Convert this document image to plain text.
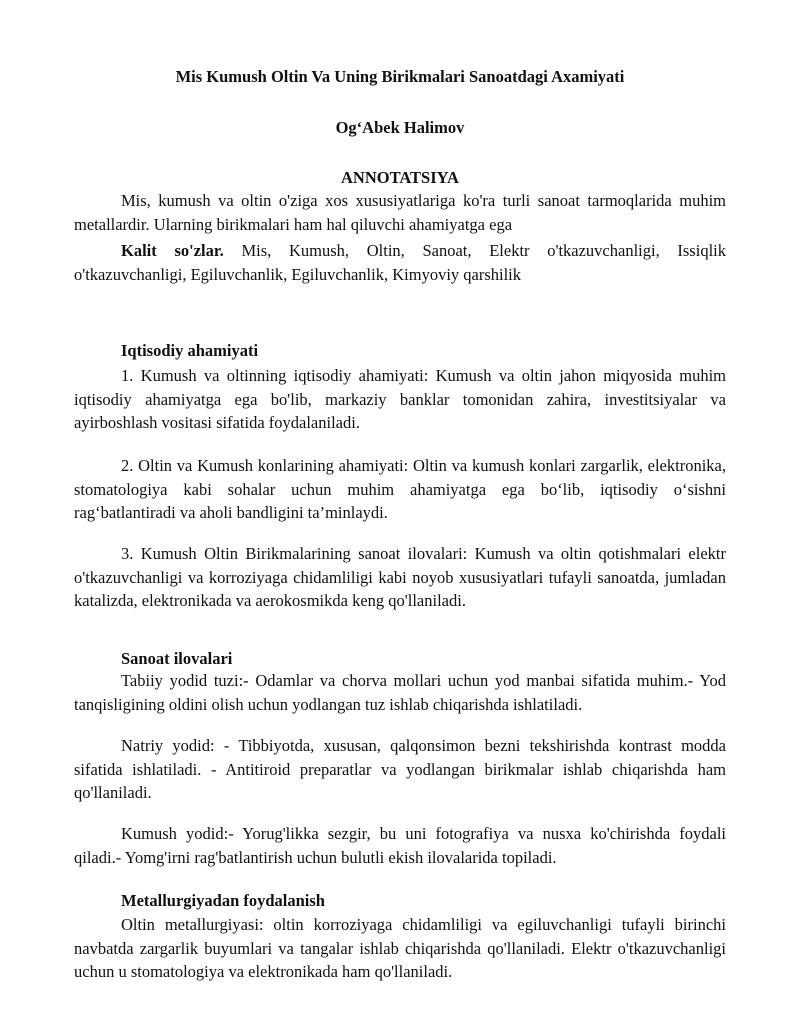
Mis Kumush Oltin Va Uning Birikmalari Sanoatdagi Axamiyati
Og‘Abek Halimov
ANNOTATSIYA

Mis, kumush va oltin o'ziga xos xususiyatlariga ko'ra turli sanoat tarmoqlarida muhim metallardir. Ularning birikmalari ham hal qiluvchi ahamiyatga ega

Kalit so'zlar. Mis, Kumush, Oltin, Sanoat, Elektr o'tkazuvchanligi, Issiqlik o'tkazuvchanligi, Egiluvchanlik, Egiluvchanlik, Kimyoviy qarshilik

Iqtisodiy ahamiyati

1. Kumush va oltinning iqtisodiy ahamiyati: Kumush va oltin jahon miqyosida muhim iqtisodiy ahamiyatga ega bo'lib, markaziy banklar tomonidan zahira, investitsiyalar va ayirboshlash vositasi sifatida foydalaniladi.

2. Oltin va Kumush konlarining ahamiyati: Oltin va kumush konlari zargarlik, elektronika, stomatologiya kabi sohalar uchun muhim ahamiyatga ega bo‘lib, iqtisodiy o‘sishni rag‘batlantiradi va aholi bandligini ta’minlaydi.

3. Kumush Oltin Birikmalarining sanoat ilovalari: Kumush va oltin qotishmalari elektr o'tkazuvchanligi va korroziyaga chidamliligi kabi noyob xususiyatlari tufayli sanoatda, jumladan katalizda, elektronikada va aerokosmikda keng qo'llaniladi.

Sanoat ilovalari

Tabiiy yodid tuzi:- Odamlar va chorva mollari uchun yod manbai sifatida muhim.- Yod tanqisligining oldini olish uchun yodlangan tuz ishlab chiqarishda ishlatiladi.

Natriy yodid: - Tibbiyotda, xususan, qalqonsimon bezni tekshirishda kontrast modda sifatida ishlatiladi. - Antitiroid preparatlar va yodlangan birikmalar ishlab chiqarishda ham qo'llaniladi.

Kumush yodid:- Yorug'likka sezgir, bu uni fotografiya va nusxa ko'chirishda foydali qiladi.- Yomg'irni rag'batlantirish uchun bulutli ekish ilovalarida topiladi.

Metallurgiyadan foydalanish

Oltin metallurgiyasi: oltin korroziyaga chidamliligi va egiluvchanligi tufayli birinchi navbatda zargarlik buyumlari va tangalar ishlab chiqarishda qo'llaniladi. Elektr o'tkazuvchanligi uchun u stomatologiya va elektronikada ham qo'llaniladi.
